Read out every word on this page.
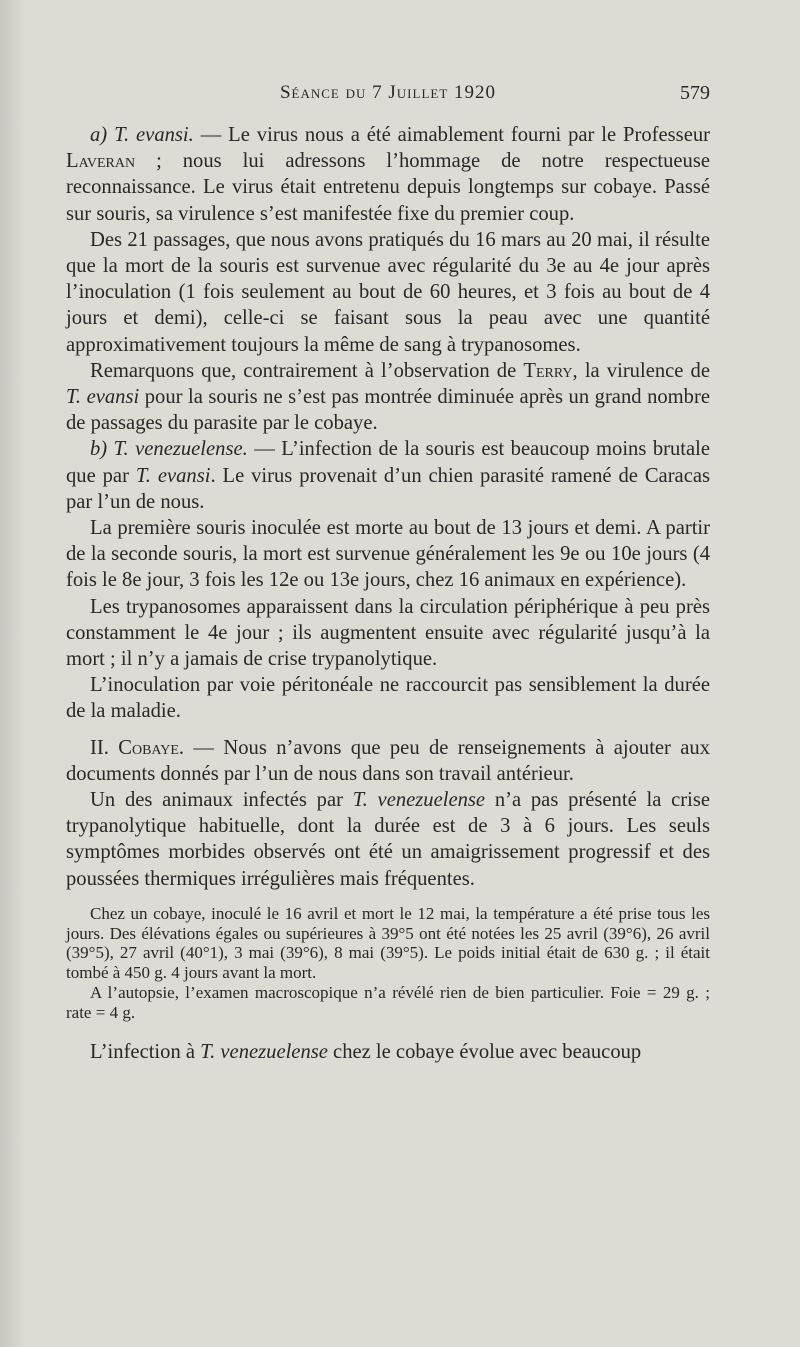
Séance du 7 Juillet 1920	579

a) T. evansi. — Le virus nous a été aimablement fourni par le Professeur Laveran ; nous lui adressons l’hommage de notre respectueuse reconnaissance. Le virus était entretenu depuis longtemps sur cobaye. Passé sur souris, sa virulence s’est manifestée fixe du premier coup.

Des 21 passages, que nous avons pratiqués du 16 mars au 20 mai, il résulte que la mort de la souris est survenue avec régularité du 3e au 4e jour après l’inoculation (1 fois seulement au bout de 60 heures, et 3 fois au bout de 4 jours et demi), celle-ci se faisant sous la peau avec une quantité approximativement toujours la même de sang à trypanosomes.

Remarquons que, contrairement à l’observation de Terry, la virulence de T. evansi pour la souris ne s’est pas montrée diminuée après un grand nombre de passages du parasite par le cobaye.

b) T. venezuelense. — L’infection de la souris est beaucoup moins brutale que par T. evansi. Le virus provenait d’un chien parasité ramené de Caracas par l’un de nous.

La première souris inoculée est morte au bout de 13 jours et demi. A partir de la seconde souris, la mort est survenue généralement les 9e ou 10e jours (4 fois le 8e jour, 3 fois les 12e ou 13e jours, chez 16 animaux en expérience).

Les trypanosomes apparaissent dans la circulation périphérique à peu près constamment le 4e jour ; ils augmentent ensuite avec régularité jusqu’à la mort ; il n’y a jamais de crise trypanolytique.

L’inoculation par voie péritonéale ne raccourcit pas sensiblement la durée de la maladie.

II. Cobaye. — Nous n’avons que peu de renseignements à ajouter aux documents donnés par l’un de nous dans son travail antérieur.

Un des animaux infectés par T. venezuelense n’a pas présenté la crise trypanolytique habituelle, dont la durée est de 3 à 6 jours. Les seuls symptômes morbides observés ont été un amaigrissement progressif et des poussées thermiques irrégulières mais fréquentes.

Chez un cobaye, inoculé le 16 avril et mort le 12 mai, la température a été prise tous les jours. Des élévations égales ou supérieures à 39°5 ont été notées les 25 avril (39°6), 26 avril (39°5), 27 avril (40°1), 3 mai (39°6), 8 mai (39°5). Le poids initial était de 630 g. ; il était tombé à 450 g. 4 jours avant la mort.

A l’autopsie, l’examen macroscopique n’a révélé rien de bien particulier. Foie = 29 g. ; rate = 4 g.

L’infection à T. venezuelense chez le cobaye évolue avec beaucoup
